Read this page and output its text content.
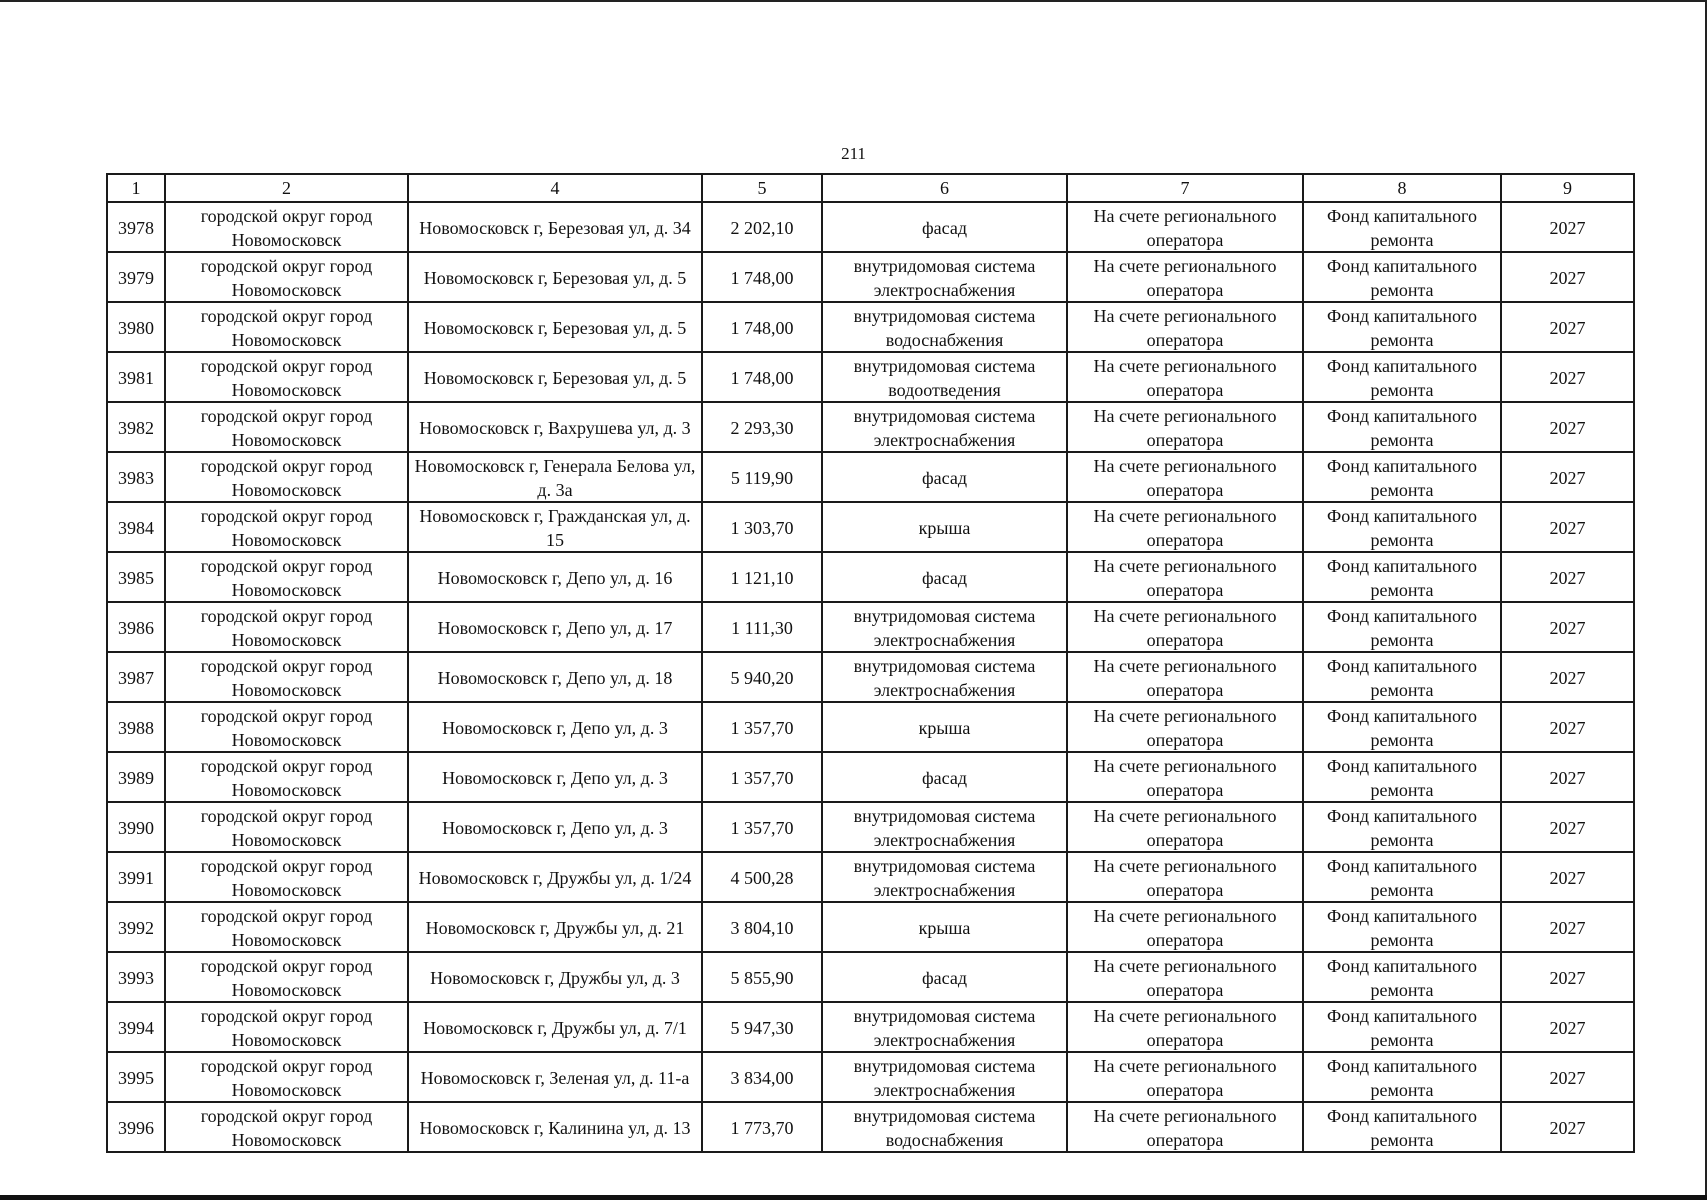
211
1	2	4	5	6	7	8	9

3978	городской округ город Новомосковск	Новомосковск г, Березовая ул, д. 34	2 202,10	фасад	На счете регионального оператора	Фонд капитального ремонта	2027

3979	городской округ город Новомосковск	Новомосковск г, Березовая ул, д. 5	1 748,00	внутридомовая система электроснабжения	На счете регионального оператора	Фонд капитального ремонта	2027

3980	городской округ город Новомосковск	Новомосковск г, Березовая ул, д. 5	1 748,00	внутридомовая система водоснабжения	На счете регионального оператора	Фонд капитального ремонта	2027

3981	городской округ город Новомосковск	Новомосковск г, Березовая ул, д. 5	1 748,00	внутридомовая система водоотведения	На счете регионального оператора	Фонд капитального ремонта	2027

3982	городской округ город Новомосковск	Новомосковск г, Вахрушева ул, д. 3	2 293,30	внутридомовая система электроснабжения	На счете регионального оператора	Фонд капитального ремонта	2027

3983	городской округ город Новомосковск	Новомосковск г, Генерала Белова ул, д. 3а	5 119,90	фасад	На счете регионального оператора	Фонд капитального ремонта	2027

3984	городской округ город Новомосковск	Новомосковск г, Гражданская ул, д. 15	1 303,70	крыша	На счете регионального оператора	Фонд капитального ремонта	2027

3985	городской округ город Новомосковск	Новомосковск г, Депо ул, д. 16	1 121,10	фасад	На счете регионального оператора	Фонд капитального ремонта	2027

3986	городской округ город Новомосковск	Новомосковск г, Депо ул, д. 17	1 111,30	внутридомовая система электроснабжения	На счете регионального оператора	Фонд капитального ремонта	2027

3987	городской округ город Новомосковск	Новомосковск г, Депо ул, д. 18	5 940,20	внутридомовая система электроснабжения	На счете регионального оператора	Фонд капитального ремонта	2027

3988	городской округ город Новомосковск	Новомосковск г, Депо ул, д. 3	1 357,70	крыша	На счете регионального оператора	Фонд капитального ремонта	2027

3989	городской округ город Новомосковск	Новомосковск г, Депо ул, д. 3	1 357,70	фасад	На счете регионального оператора	Фонд капитального ремонта	2027

3990	городской округ город Новомосковск	Новомосковск г, Депо ул, д. 3	1 357,70	внутридомовая система электроснабжения	На счете регионального оператора	Фонд капитального ремонта	2027

3991	городской округ город Новомосковск	Новомосковск г, Дружбы ул, д. 1/24	4 500,28	внутридомовая система электроснабжения	На счете регионального оператора	Фонд капитального ремонта	2027

3992	городской округ город Новомосковск	Новомосковск г, Дружбы ул, д. 21	3 804,10	крыша	На счете регионального оператора	Фонд капитального ремонта	2027

3993	городской округ город Новомосковск	Новомосковск г, Дружбы ул, д. 3	5 855,90	фасад	На счете регионального оператора	Фонд капитального ремонта	2027

3994	городской округ город Новомосковск	Новомосковск г, Дружбы ул, д. 7/1	5 947,30	внутридомовая система электроснабжения	На счете регионального оператора	Фонд капитального ремонта	2027

3995	городской округ город Новомосковск	Новомосковск г, Зеленая ул, д. 11-а	3 834,00	внутридомовая система электроснабжения	На счете регионального оператора	Фонд капитального ремонта	2027

3996	городской округ город Новомосковск	Новомосковск г, Калинина ул, д. 13	1 773,70	внутридомовая система водоснабжения	На счете регионального оператора	Фонд капитального ремонта	2027
